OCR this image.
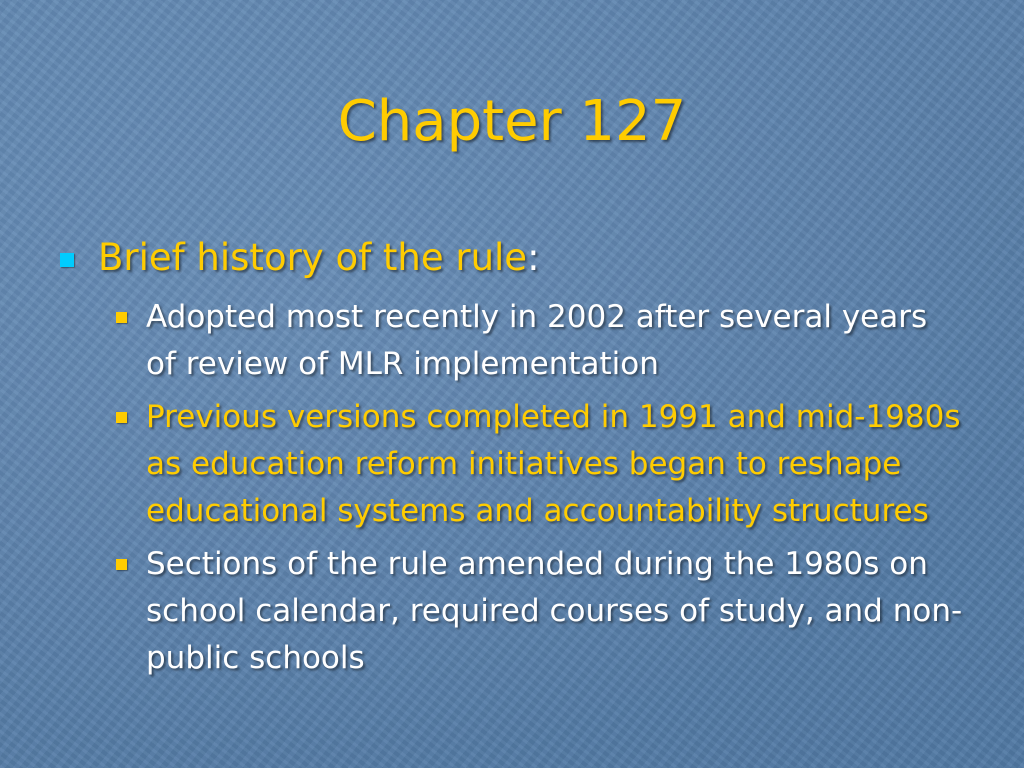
Chapter 127
Brief history of the rule:
Adopted most recently in 2002 after several years of review of MLR implementation
Previous versions completed in 1991 and mid-1980s as education reform initiatives began to reshape educational systems and accountability structures
Sections of the rule amended during the 1980s on school calendar, required courses of study, and non-public schools
